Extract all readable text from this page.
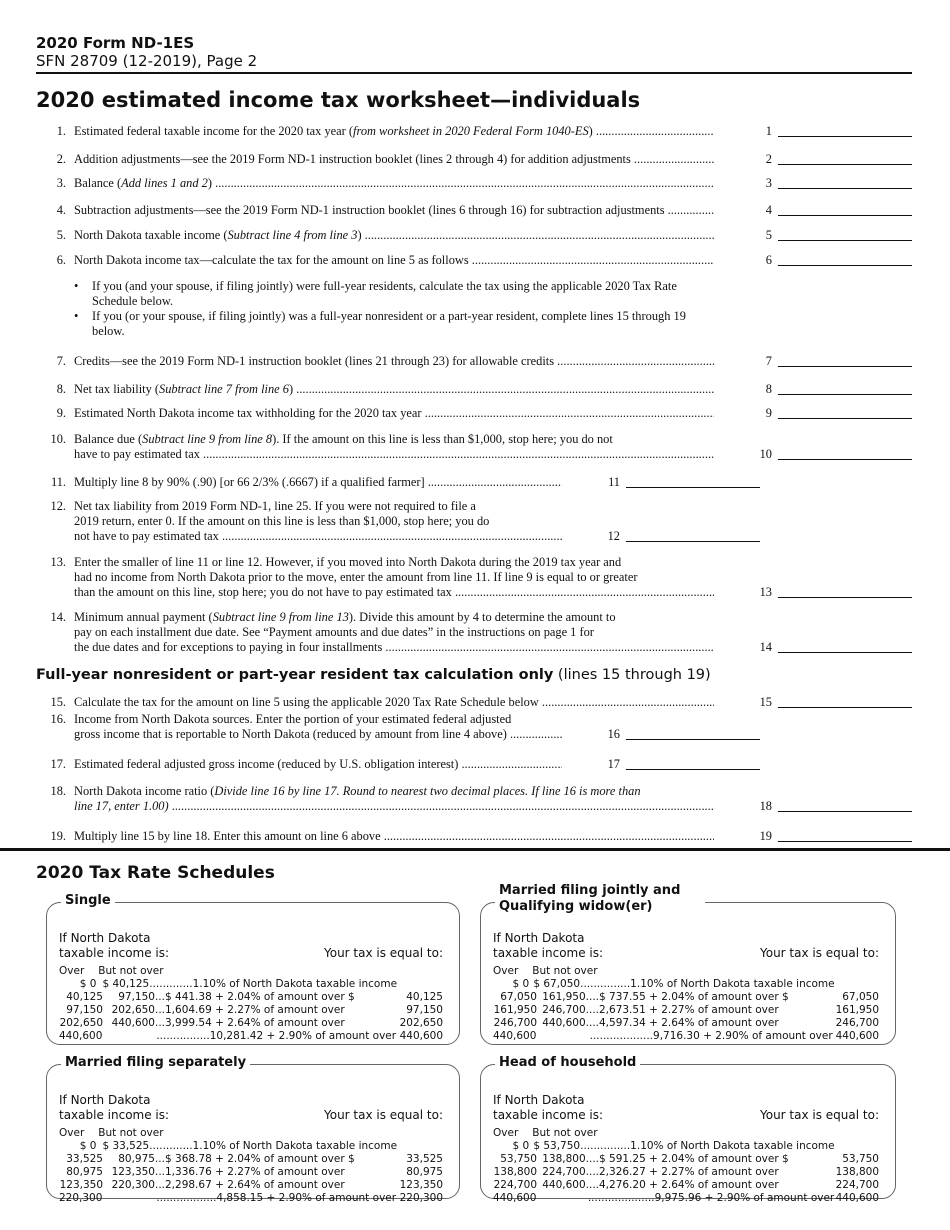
2020 Form ND-1ES
SFN 28709 (12-2019), Page 2
2020 estimated income tax worksheet—individuals
1. Estimated federal taxable income for the 2020 tax year (from worksheet in 2020 Federal Form 1040-ES) .....	1
2. Addition adjustments—see the 2019 Form ND-1 instruction booklet (lines 2 through 4) for addition adjustments .....	2
3. Balance (Add lines 1 and 2) .....	3
4. Subtraction adjustments—see the 2019 Form ND-1 instruction booklet (lines 6 through 16) for subtraction adjustments .....	4
5. North Dakota taxable income (Subtract line 4 from line 3) .....	5
6. North Dakota income tax—calculate the tax for the amount on line 5 as follows .....	6
7. Credits—see the 2019 Form ND-1 instruction booklet (lines 21 through 23) for allowable credits .....	7
8. Net tax liability (Subtract line 7 from line 6) .....	8
9. Estimated North Dakota income tax withholding for the 2020 tax year .....	9
10. Balance due (Subtract line 9 from line 8). If the amount on this line is less than $1,000, stop here; you do not
have to pay estimated tax .....	10
11. Multiply line 8 by 90% (.90) [or 66 2/3% (.6667) if a qualified farmer] .....	11
12. Net tax liability from 2019 Form ND-1, line 25. If you were not required to file a
2019 return, enter 0. If the amount on this line is less than $1,000, stop here; you do
not have to pay estimated tax .....	12
13. Enter the smaller of line 11 or line 12. However, if you moved into North Dakota during the 2019 tax year and
had no income from North Dakota prior to the move, enter the amount from line 11. If line 9 is equal to or greater
than the amount on this line, stop here; you do not have to pay estimated tax .....	13
14. Minimum annual payment (Subtract line 9 from line 13). Divide this amount by 4 to determine the amount to
pay on each installment due date. See “Payment amounts and due dates” in the instructions on page 1 for
the due dates and for exceptions to paying in four installments .....	14
15. Calculate the tax for the amount on line 5 using the applicable 2020 Tax Rate Schedule below .....	15
16. Income from North Dakota sources. Enter the portion of your estimated federal adjusted
gross income that is reportable to North Dakota (reduced by amount from line 4 above) .....	16
17. Estimated federal adjusted gross income (reduced by U.S. obligation interest) .....	17
18. North Dakota income ratio (Divide line 16 by line 17. Round to nearest two decimal places. If line 16 is more than
line 17, enter 1.00) .....	18
19. Multiply line 15 by line 18. Enter this amount on line 6 above .....	19
• If you (and your spouse, if filing jointly) were full-year residents, calculate the tax using the applicable 2020 Tax Rate Schedule below.
• If you (or your spouse, if filing jointly) was a full-year nonresident or a part-year resident, complete lines 15 through 19 below.
Full-year nonresident or part-year resident tax calculation only (lines 15 through 19)
2020 Tax Rate Schedules
Single
If North Dakota
taxable income is:	Your tax is equal to:
Over But not over
$ 0 $ 40,125 .............1.10% of North Dakota taxable income
40,125	97,150... $ 441.38 + 2.04% of amount over $	40,125
97,150 202,650... 1,604.69 + 2.27% of amount over	97,150
202,650 440,600... 3,999.54 + 2.64% of amount over	202,650
440,600	................10,281.42 + 2.90% of amount over 440,600
Married filing jointly and Qualifying widow(er)
If North Dakota
taxable income is:	Your tax is equal to:
Over But not over
$ 0 $ 67,050 ...............1.10% of North Dakota taxable income
67,050 161,950.... $ 737.55 + 2.04% of amount over $	67,050
161,950 246,700.... 2,673.51 + 2.27% of amount over	161,950
246,700 440,600.... 4,597.34 + 2.64% of amount over	246,700
440,600	...................9,716.30 + 2.90% of amount over 440,600
Married filing separately
If North Dakota
taxable income is:	Your tax is equal to:
Over But not over
$ 0 $ 33,525 .............1.10% of North Dakota taxable income
33,525	80,975... $ 368.78 + 2.04% of amount over $	33,525
80,975 123,350... 1,336.76 + 2.27% of amount over	80,975
123,350 220,300... 2,298.67 + 2.64% of amount over	123,350
220,300	..................4,858.15 + 2.90% of amount over 220,300
Head of household
If North Dakota
taxable income is:	Your tax is equal to:
Over But not over
$ 0 $ 53,750 ...............1.10% of North Dakota taxable income
53,750 138,800.... $ 591.25 + 2.04% of amount over $	53,750
138,800 224,700.... 2,326.27 + 2.27% of amount over	138,800
224,700 440,600.... 4,276.20 + 2.64% of amount over	224,700
440,600	....................9,975.96 + 2.90% of amount over 440,600
